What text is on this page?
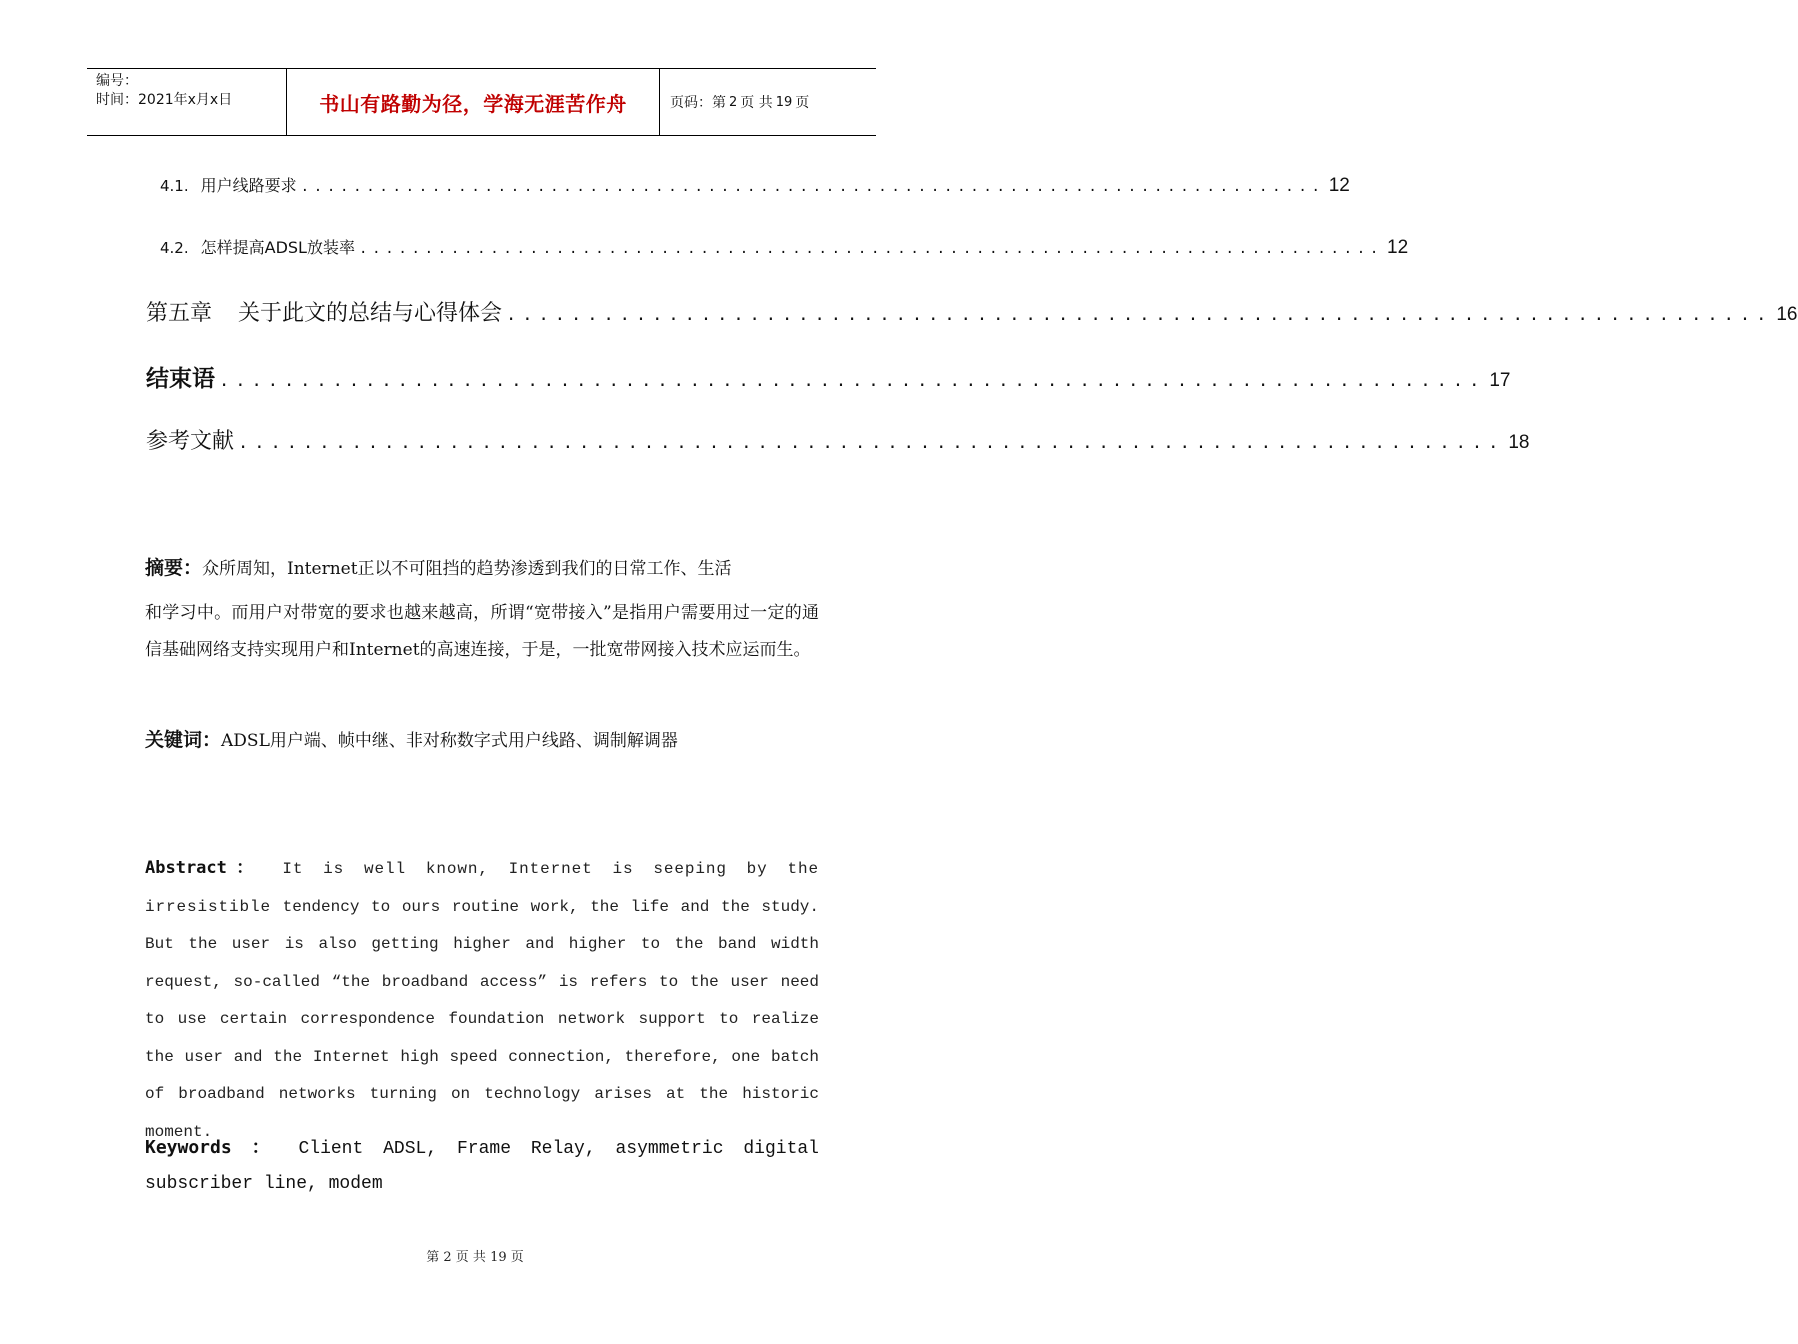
编号：
时间：2021年x月x日	书山有路勤为径，学海无涯苦作舟	页码：第 2 页 共 19 页
4.1. 用户线路要求 .............................................................................. 12
4.2. 怎样提高ADSL放装率 .............................................................................. 12
第五章 关于此文的总结与心得体会 .............................................................................. 16
结束语 .............................................................................. 17
参考文献 .............................................................................. 18
摘要：众所周知，Internet正以不可阻挡的趋势渗透到我们的日常工作、生活
和学习中。而用户对带宽的要求也越来越高，所谓“宽带接入”是指用户需要用过一定的通信基础网络支持实现用户和Internet的高速连接，于是，一批宽带网接入技术应运而生。
关键词：ADSL用户端、帧中继、非对称数字式用户线路、调制解调器
Abstract： It is well known, Internet is seeping by the irresistible tendency to ours routine work, the life and the study. But the user is also getting higher and higher to the band width request, so-called “the broadband access” is refers to the user need to use certain correspondence foundation network support to realize the user and the Internet high speed connection, therefore, one batch of broadband networks turning on technology arises at the historic moment.
Keywords ： Client ADSL, Frame Relay, asymmetric digital subscriber line, modem
第 2 页 共 19 页
